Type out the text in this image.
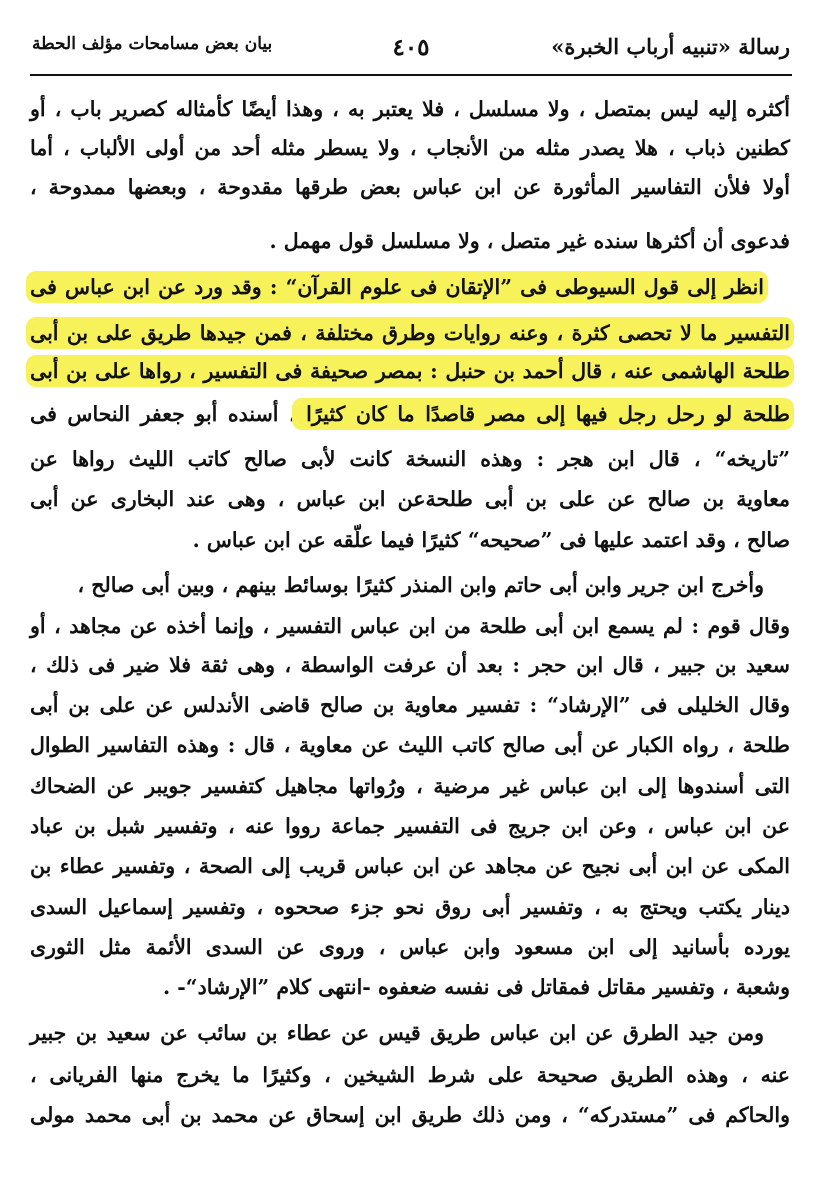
رسالة «تنبيه أرباب الخبرة»
٤٠٥
بيان بعض مسامحات مؤلف الحطة
أكثره إليه ليس بمتصل ، ولا مسلسل ، فلا يعتبر به ، وهذا أيضًا كأمثاله كصرير باب ، أو
كطنين ذباب ، هلا يصدر مثله من الأنجاب ، ولا يسطر مثله أحد من أولى الألباب ، أما
أولا فلأن التفاسير المأثورة عن ابن عباس بعض طرقها مقدوحة ، وبعضها ممدوحة ،
فدعوى أن أكثرها سنده غير متصل ، ولا مسلسل قول مهمل .
انظر إلى قول السيوطى فى ”الإتقان فى علوم القرآن“ : وقد ورد عن ابن عباس فى
التفسير ما لا تحصى كثرة ، وعنه روايات وطرق مختلفة ، فمن جيدها طريق على بن أبى
طلحة الهاشمى عنه ، قال أحمد بن حنبل : بمصر صحيفة فى التفسير ، رواها على بن أبى
طلحة لو رحل رجل فيها إلى مصر قاصدًا ما كان كثيرًا ، أسنده أبو جعفر النحاس فى
”تاريخه“ ، قال ابن هجر : وهذه النسخة كانت لأبى صالح كاتب الليث رواها عن
معاوية بن صالح عن على بن أبى طلحةعن ابن عباس ، وهى عند البخارى عن أبى
صالح ، وقد اعتمد عليها فى ”صحيحه“ كثيرًا فيما علّقه عن ابن عباس .
وأخرج ابن جرير وابن أبى حاتم وابن المنذر كثيرًا بوسائط بينهم ، وبين أبى صالح ،
وقال قوم : لم يسمع ابن أبى طلحة من ابن عباس التفسير ، وإنما أخذه عن مجاهد ، أو
سعيد بن جبير ، قال ابن حجر : بعد أن عرفت الواسطة ، وهى ثقة فلا ضير فى ذلك ،
وقال الخليلى فى ”الإرشاد“ : تفسير معاوية بن صالح قاضى الأندلس عن على بن أبى
طلحة ، رواه الكبار عن أبى صالح كاتب الليث عن معاوية ، قال : وهذه التفاسير الطوال
التى أسندوها إلى ابن عباس غير مرضية ، ورُواتها مجاهيل كتفسير جويبر عن الضحاك
عن ابن عباس ، وعن ابن جريج فى التفسير جماعة رووا عنه ، وتفسير شبل بن عباد
المكى عن ابن أبى نجيح عن مجاهد عن ابن عباس قريب إلى الصحة ، وتفسير عطاء بن
دينار يكتب ويحتج به ، وتفسير أبى روق نحو جزء صححوه ، وتفسير إسماعيل السدى
يورده بأسانيد إلى ابن مسعود وابن عباس ، وروى عن السدى الأئمة مثل الثورى
وشعبة ، وتفسير مقاتل فمقاتل فى نفسه ضعفوه -انتهى كلام ”الإرشاد“- .
ومن جيد الطرق عن ابن عباس طريق قيس عن عطاء بن سائب عن سعيد بن جبير
عنه ، وهذه الطريق صحيحة على شرط الشيخين ، وكثيرًا ما يخرج منها الفريانى ،
والحاكم فى ”مستدركه“ ، ومن ذلك طريق ابن إسحاق عن محمد بن أبى محمد مولى
